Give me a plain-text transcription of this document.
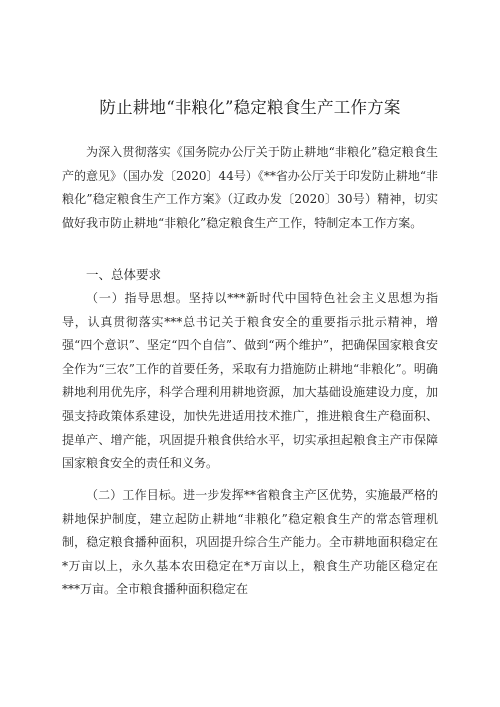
防止耕地“非粮化”稳定粮食生产工作方案

为深入贯彻落实《国务院办公厅关于防止耕地“非粮化”稳定粮食生产的意见》（国办发〔2020〕44号）《**省办公厅关于印发防止耕地“非粮化”稳定粮食生产工作方案》（辽政办发〔2020〕30号）精神，切实做好我市防止耕地“非粮化”稳定粮食生产工作，特制定本工作方案。

一、总体要求

（一）指导思想。坚持以***新时代中国特色社会主义思想为指导，认真贯彻落实***总书记关于粮食安全的重要指示批示精神，增强“四个意识”、坚定“四个自信”、做到“两个维护”，把确保国家粮食安全作为“三农”工作的首要任务，采取有力措施防止耕地“非粮化”。明确耕地利用优先序，科学合理利用耕地资源，加大基础设施建设力度，加强支持政策体系建设，加快先进适用技术推广，推进粮食生产稳面积、提单产、增产能，巩固提升粮食供给水平，切实承担起粮食主产市保障国家粮食安全的责任和义务。

（二）工作目标。进一步发挥**省粮食主产区优势，实施最严格的耕地保护制度，建立起防止耕地“非粮化”稳定粮食生产的常态管理机制，稳定粮食播种面积，巩固提升综合生产能力。全市耕地面积稳定在*万亩以上，永久基本农田稳定在*万亩以上，粮食生产功能区稳定在***万亩。全市粮食播种面积稳定在
